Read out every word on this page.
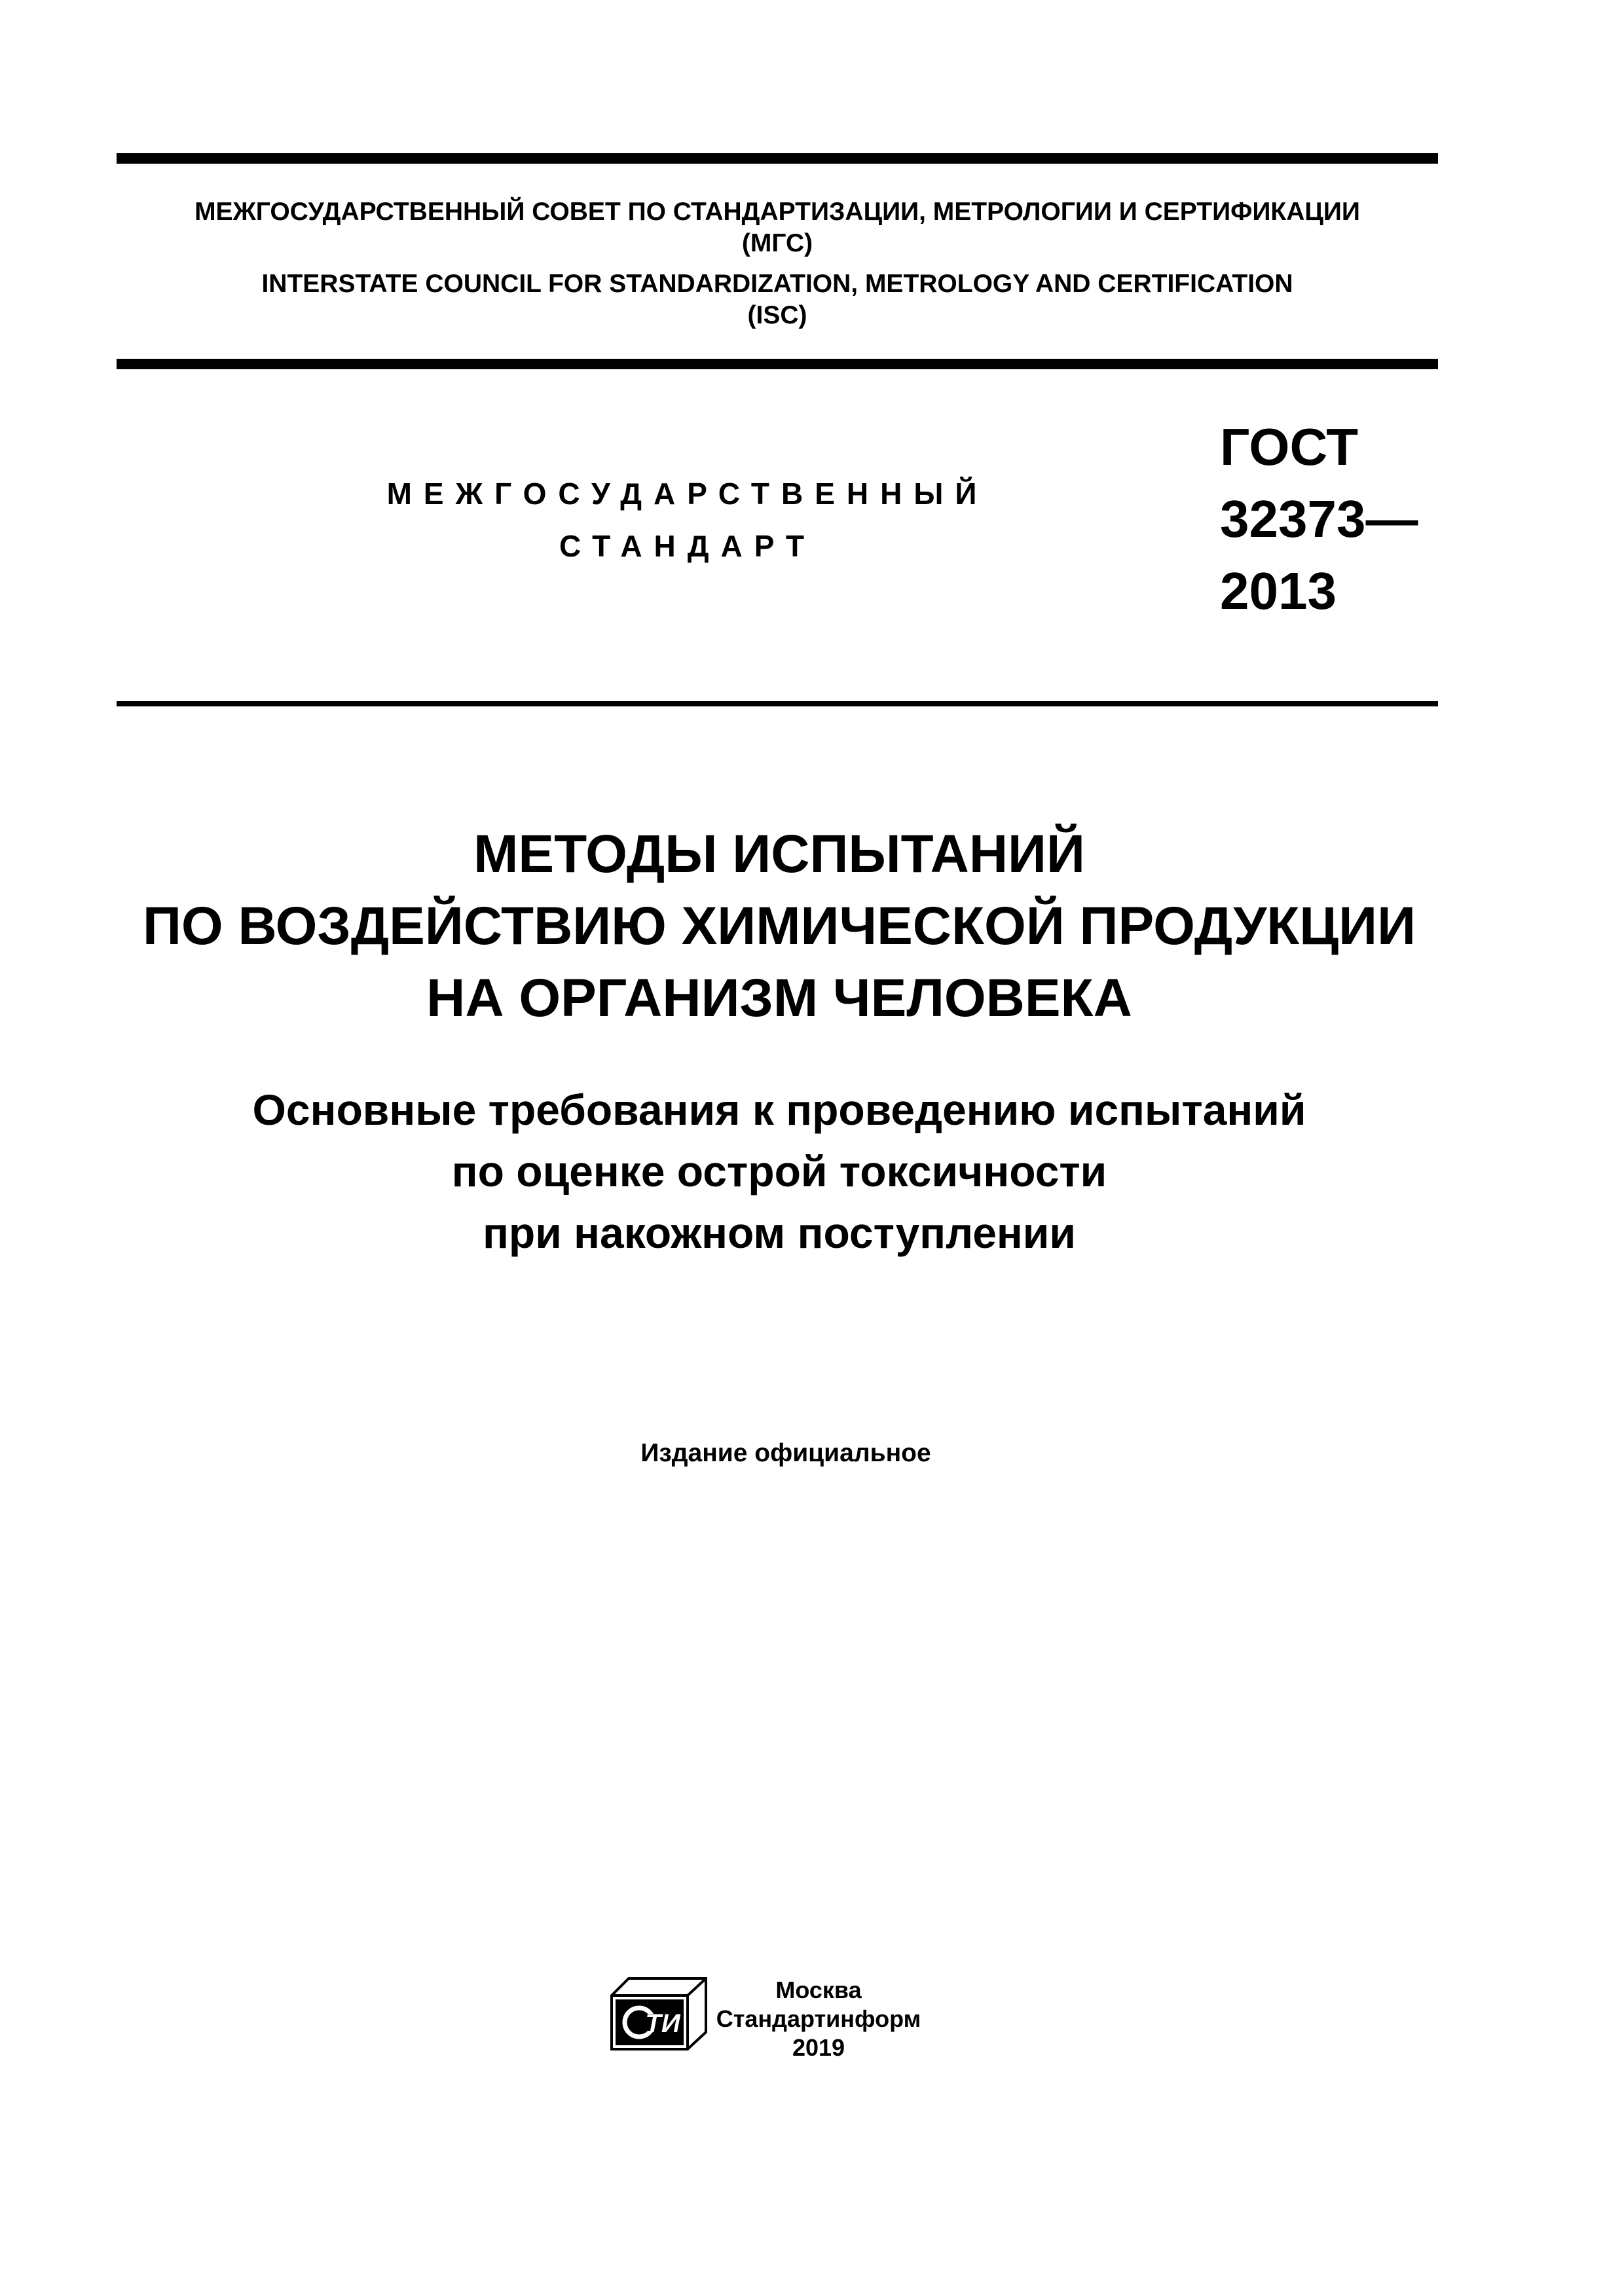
МЕЖГОСУДАРСТВЕННЫЙ СОВЕТ ПО СТАНДАРТИЗАЦИИ, МЕТРОЛОГИИ И СЕРТИФИКАЦИИ
(МГС)
INTERSTATE COUNCIL FOR STANDARDIZATION, METROLOGY AND CERTIFICATION
(ISC)
МЕЖГОСУДАРСТВЕННЫЙ
СТАНДАРТ
ГОСТ
32373—
2013
МЕТОДЫ ИСПЫТАНИЙ
ПО ВОЗДЕЙСТВИЮ ХИМИЧЕСКОЙ ПРОДУКЦИИ
НА ОРГАНИЗМ ЧЕЛОВЕКА
Основные требования к проведению испытаний
по оценке острой токсичности
при накожном поступлении
Издание официальное
ТИ
Москва
Стандартинформ
2019
